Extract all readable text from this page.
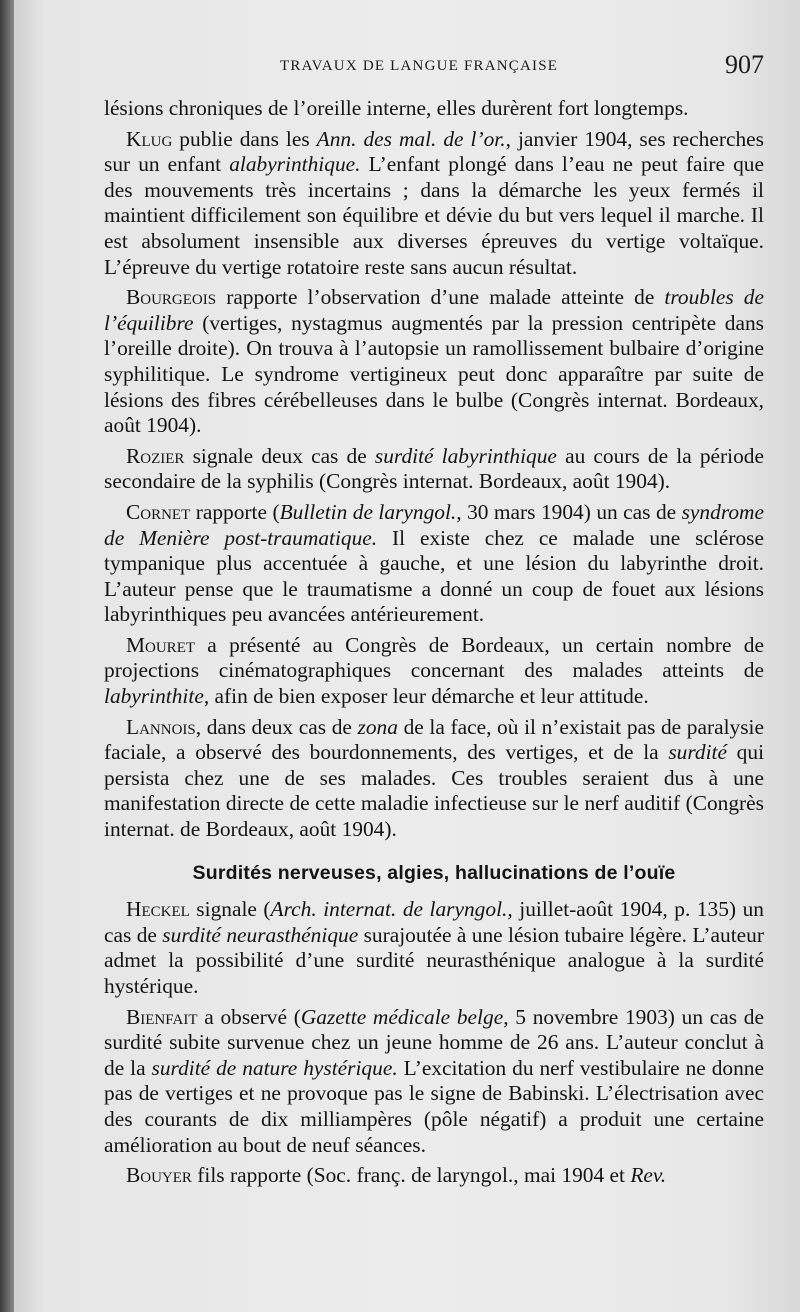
TRAVAUX DE LANGUE FRANÇAISE	907

lésions chroniques de l’oreille interne, elles durèrent fort longtemps.

Klug publie dans les Ann. des mal. de l’or., janvier 1904, ses recherches sur un enfant alabyrinthique. L’enfant plongé dans l’eau ne peut faire que des mouvements très incertains ; dans la démarche les yeux fermés il maintient difficilement son équilibre et dévie du but vers lequel il marche. Il est absolument insensible aux diverses épreuves du vertige voltaïque. L’épreuve du vertige rotatoire reste sans aucun résultat.

Bourgeois rapporte l’observation d’une malade atteinte de troubles de l’équilibre (vertiges, nystagmus augmentés par la pression centripète dans l’oreille droite). On trouva à l’autopsie un ramollissement bulbaire d’origine syphilitique. Le syndrome vertigineux peut donc apparaître par suite de lésions des fibres cérébelleuses dans le bulbe (Congrès internat. Bordeaux, août 1904).

Rozier signale deux cas de surdité labyrinthique au cours de la période secondaire de la syphilis (Congrès internat. Bordeaux, août 1904).

Cornet rapporte (Bulletin de laryngol., 30 mars 1904) un cas de syndrome de Menière post-traumatique. Il existe chez ce malade une sclérose tympanique plus accentuée à gauche, et une lésion du labyrinthe droit. L’auteur pense que le traumatisme a donné un coup de fouet aux lésions labyrinthiques peu avancées antérieurement.

Mouret a présenté au Congrès de Bordeaux, un certain nombre de projections cinématographiques concernant des malades atteints de labyrinthite, afin de bien exposer leur démarche et leur attitude.

Lannois, dans deux cas de zona de la face, où il n’existait pas de paralysie faciale, a observé des bourdonnements, des vertiges, et de la surdité qui persista chez une de ses malades. Ces troubles seraient dus à une manifestation directe de cette maladie infectieuse sur le nerf auditif (Congrès internat. de Bordeaux, août 1904).

Surdités nerveuses, algies, hallucinations de l’ouïe

Heckel signale (Arch. internat. de laryngol., juillet-août 1904, p. 135) un cas de surdité neurasthénique surajoutée à une lésion tubaire légère. L’auteur admet la possibilité d’une surdité neurasthénique analogue à la surdité hystérique.

Bienfait a observé (Gazette médicale belge, 5 novembre 1903) un cas de surdité subite survenue chez un jeune homme de 26 ans. L’auteur conclut à de la surdité de nature hystérique. L’excitation du nerf vestibulaire ne donne pas de vertiges et ne provoque pas le signe de Babinski. L’électrisation avec des courants de dix milliampères (pôle négatif) a produit une certaine amélioration au bout de neuf séances.

Bouyer fils rapporte (Soc. franç. de laryngol., mai 1904 et Rev.
